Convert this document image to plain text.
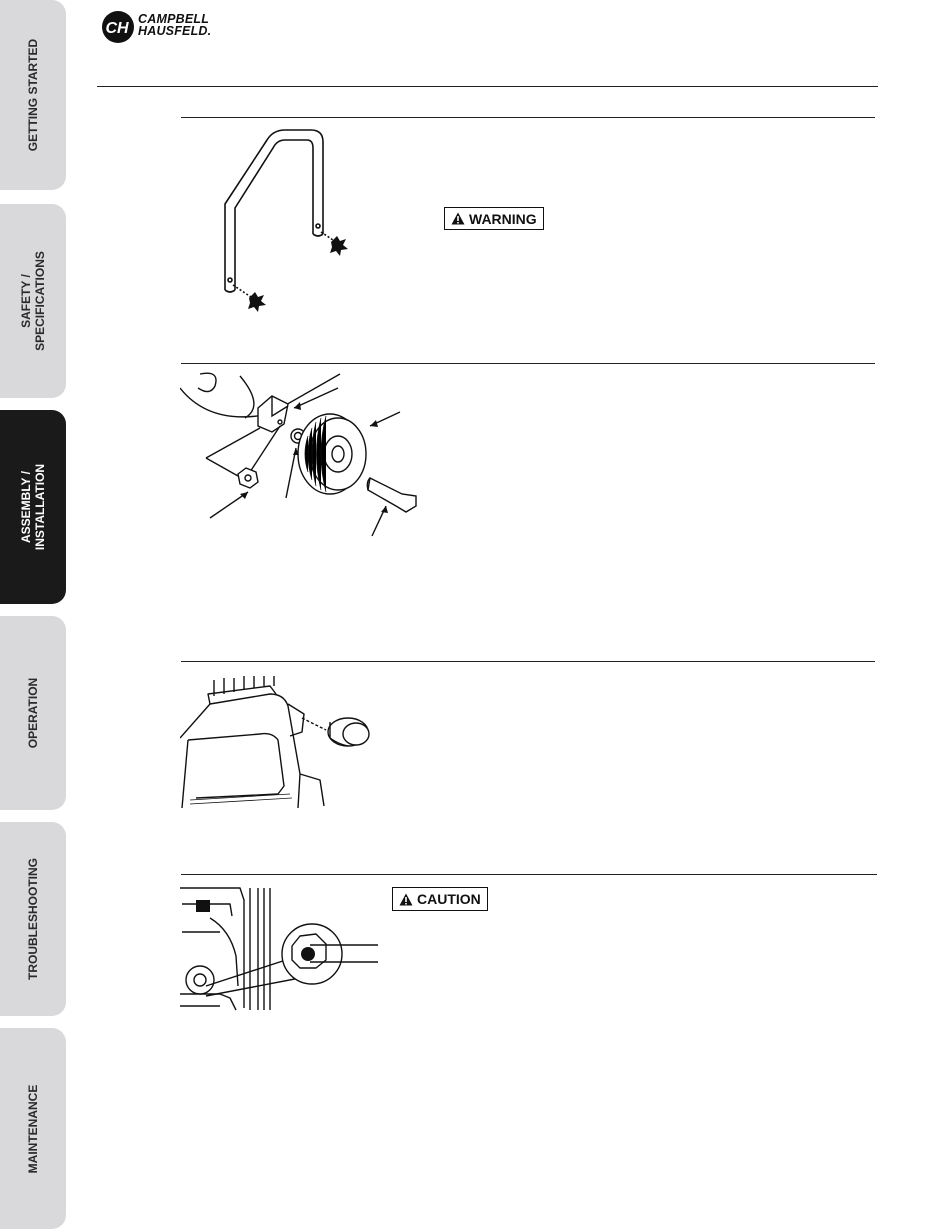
GETTING STARTED
SAFETY / SPECIFICATIONS
ASSEMBLY / INSTALLATION
OPERATION
TROUBLESHOOTING
MAINTENANCE
CH
CAMPBELL
HAUSFELD.
WARNING
CAUTION
